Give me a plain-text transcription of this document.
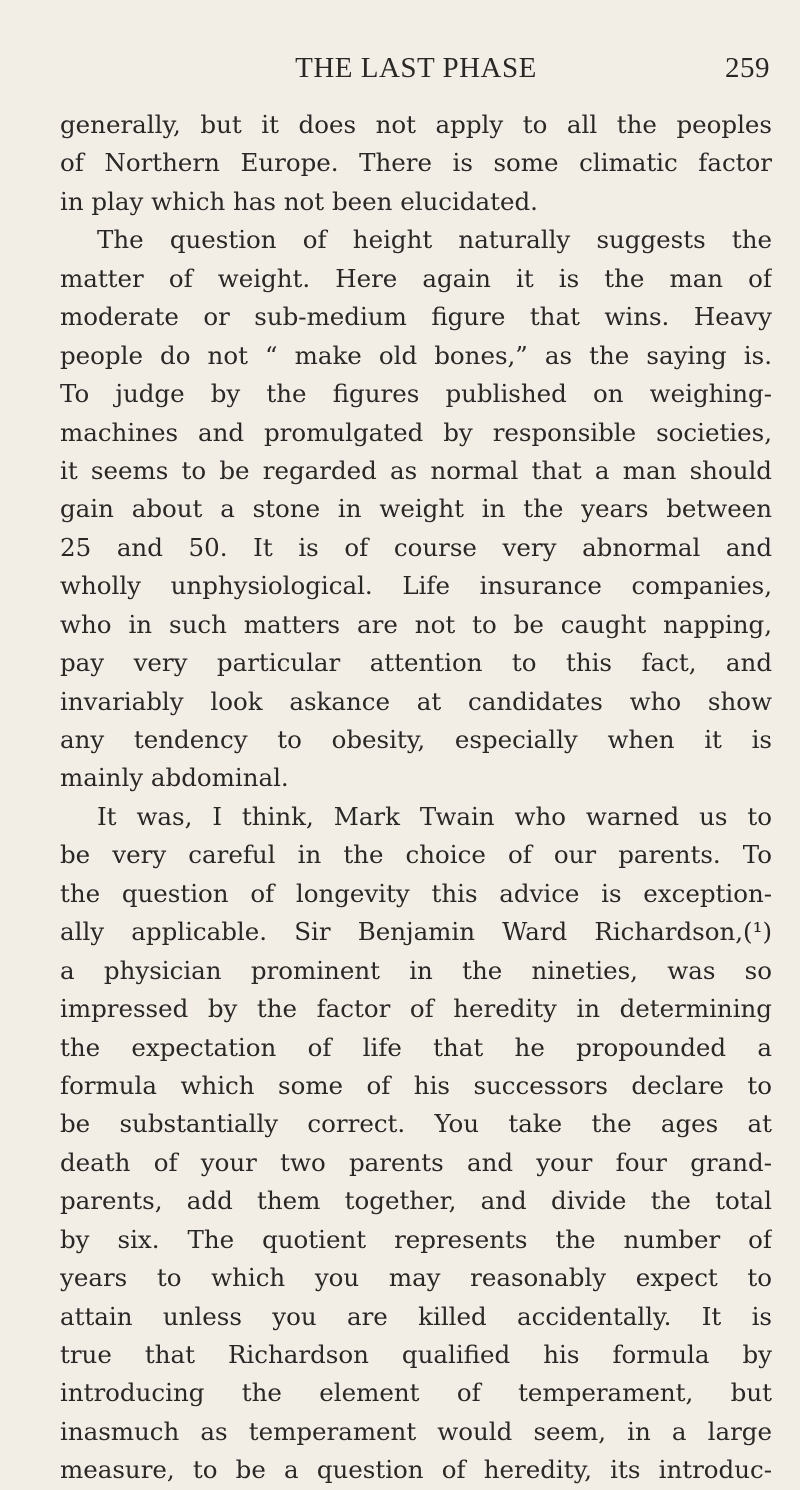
THE LAST PHASE	259
generally, but it does not apply to all the peoples
of Northern Europe. There is some climatic factor
in play which has not been elucidated.
The question of height naturally suggests the
matter of weight. Here again it is the man of
moderate or sub-medium figure that wins. Heavy
people do not “ make old bones,” as the saying is.
To judge by the figures published on weighing-
machines and promulgated by responsible societies,
it seems to be regarded as normal that a man should
gain about a stone in weight in the years between
25 and 50. It is of course very abnormal and
wholly unphysiological. Life insurance companies,
who in such matters are not to be caught napping,
pay very particular attention to this fact, and
invariably look askance at candidates who show
any tendency to obesity, especially when it is
mainly abdominal.
It was, I think, Mark Twain who warned us to
be very careful in the choice of our parents. To
the question of longevity this advice is exception-
ally applicable. Sir Benjamin Ward Richardson,(¹)
a physician prominent in the nineties, was so
impressed by the factor of heredity in determining
the expectation of life that he propounded a
formula which some of his successors declare to
be substantially correct. You take the ages at
death of your two parents and your four grand-
parents, add them together, and divide the total
by six. The quotient represents the number of
years to which you may reasonably expect to
attain unless you are killed accidentally. It is
true that Richardson qualified his formula by
introducing the element of temperament, but
inasmuch as temperament would seem, in a large
measure, to be a question of heredity, its introduc-
